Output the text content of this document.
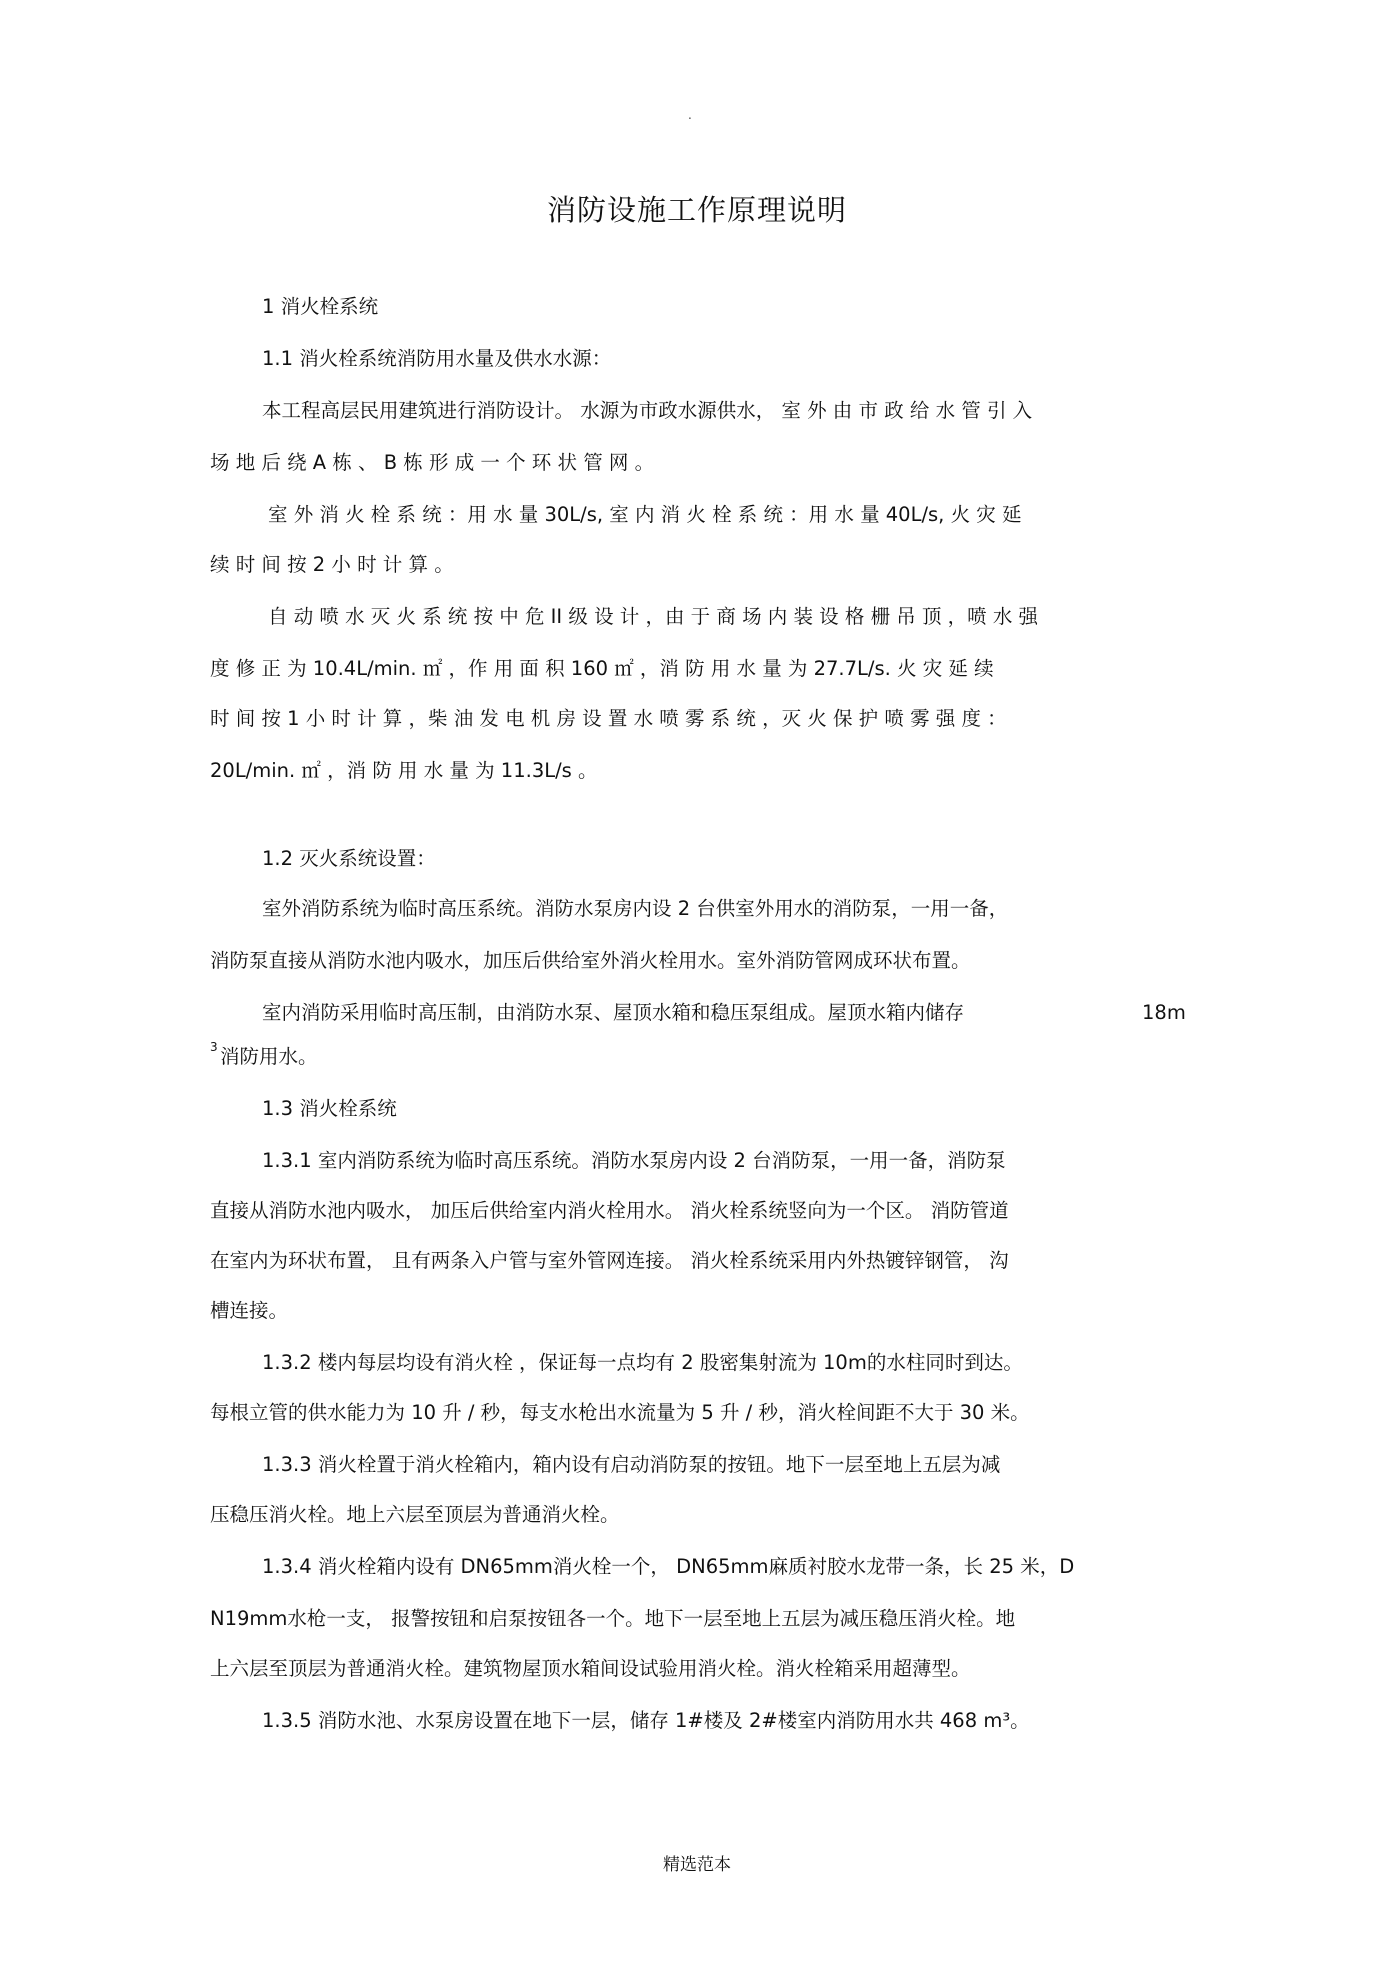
.
消防设施工作原理说明
1 消火栓系统
1.1 消火栓系统消防用水量及供水水源：
本工程高层民用建筑进行消防设计。 水源为市政水源供水， 室 外 由 市 政 给 水 管 引 入
场 地 后 绕 A 栋 、 B 栋 形 成 一 个 环 状 管 网 。
室 外 消 火 栓 系 统 ：用 水 量 30L/s, 室 内 消 火 栓 系 统 ：用 水 量 40L/s, 火 灾 延
续 时 间 按 2 小 时 计 算 。
自 动 喷 水 灭 火 系 统 按 中 危 II 级 设 计 ，由 于 商 场 内 装 设 格 栅 吊 顶 ，喷 水 强
度 修 正 为 10.4L/min. ㎡ ，作 用 面 积 160 ㎡ ，消 防 用 水 量 为 27.7L/s. 火 灾 延 续
时 间 按 1 小 时 计 算 ，柴 油 发 电 机 房 设 置 水 喷 雾 系 统 ，灭 火 保 护 喷 雾 强 度 ：
20L/min. ㎡ ，消 防 用 水 量 为 11.3L/s 。
1.2 灭火系统设置：
室外消防系统为临时高压系统。消防水泵房内设 2 台供室外用水的消防泵，一用一备，
消防泵直接从消防水池内吸水，加压后供给室外消火栓用水。室外消防管网成环状布置。
室内消防采用临时高压制，由消防水泵、屋顶水箱和稳压泵组成。屋顶水箱内储存	18m
3 消防用水。
1.3 消火栓系统
1.3.1 室内消防系统为临时高压系统。消防水泵房内设 2 台消防泵，一用一备，消防泵
直接从消防水池内吸水， 加压后供给室内消火栓用水。 消火栓系统竖向为一个区。 消防管道
在室内为环状布置， 且有两条入户管与室外管网连接。 消火栓系统采用内外热镀锌钢管， 沟
槽连接。
1.3.2 楼内每层均设有消火栓 ，保证每一点均有 2 股密集射流为 10m的水柱同时到达。
每根立管的供水能力为 10 升 / 秒，每支水枪出水流量为 5 升 / 秒，消火栓间距不大于 30 米。
1.3.3 消火栓置于消火栓箱内，箱内设有启动消防泵的按钮。地下一层至地上五层为减
压稳压消火栓。地上六层至顶层为普通消火栓。
1.3.4 消火栓箱内设有 DN65mm消火栓一个， DN65mm麻质衬胶水龙带一条，长 25 米，D
N19mm水枪一支， 报警按钮和启泵按钮各一个。地下一层至地上五层为减压稳压消火栓。地
上六层至顶层为普通消火栓。建筑物屋顶水箱间设试验用消火栓。消火栓箱采用超薄型。
1.3.5 消防水池、水泵房设置在地下一层，储存 1#楼及 2#楼室内消防用水共 468 m³。
精选范本
